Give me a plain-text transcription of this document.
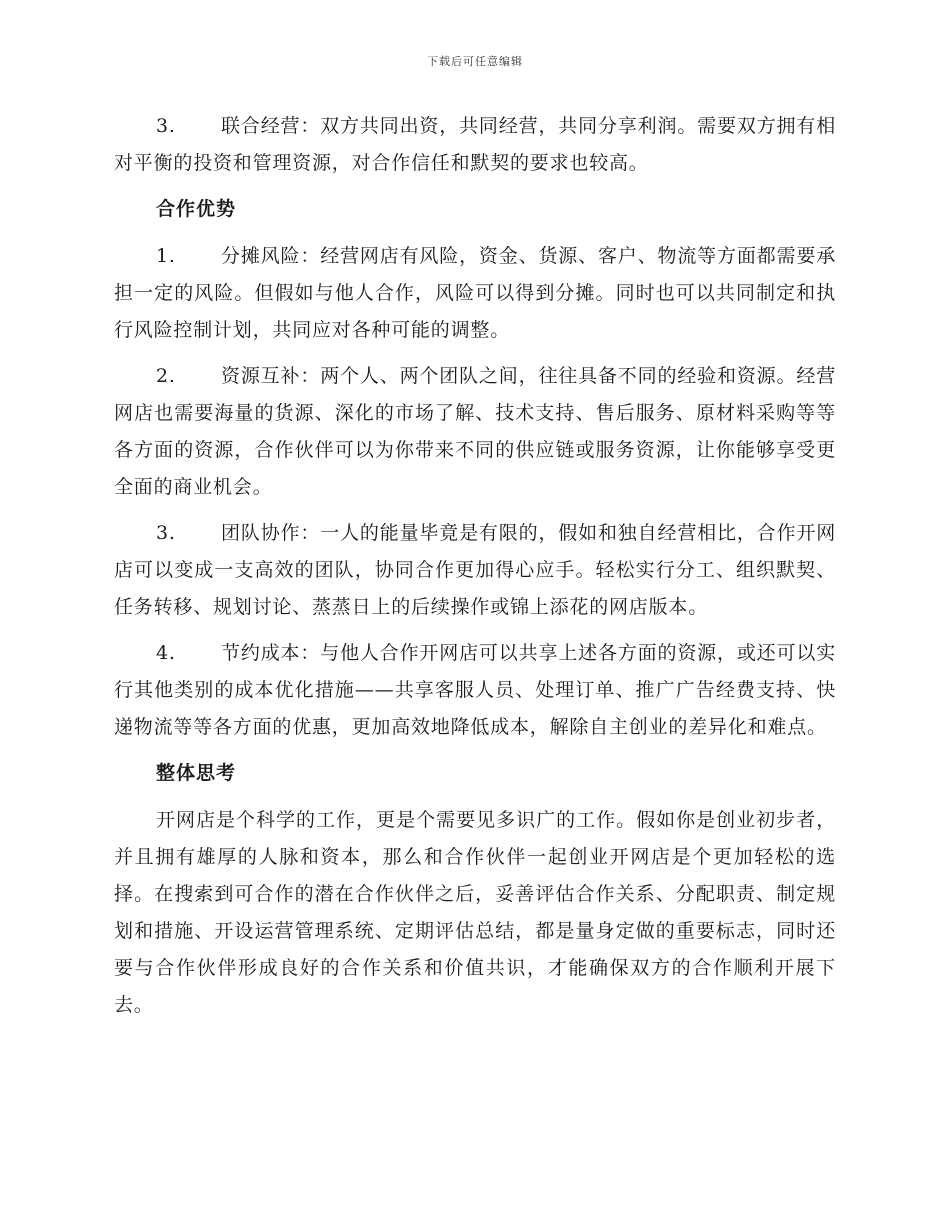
下载后可任意编辑

3. 联合经营：双方共同出资，共同经营，共同分享利润。需要双方拥有相对平衡的投资和管理资源，对合作信任和默契的要求也较高。

合作优势

1. 分摊风险：经营网店有风险，资金、货源、客户、物流等方面都需要承担一定的风险。但假如与他人合作，风险可以得到分摊。同时也可以共同制定和执行风险控制计划，共同应对各种可能的调整。

2. 资源互补：两个人、两个团队之间，往往具备不同的经验和资源。经营网店也需要海量的货源、深化的市场了解、技术支持、售后服务、原材料采购等等各方面的资源，合作伙伴可以为你带来不同的供应链或服务资源，让你能够享受更全面的商业机会。

3. 团队协作：一人的能量毕竟是有限的，假如和独自经营相比，合作开网店可以变成一支高效的团队，协同合作更加得心应手。轻松实行分工、组织默契、任务转移、规划讨论、蒸蒸日上的后续操作或锦上添花的网店版本。

4. 节约成本：与他人合作开网店可以共享上述各方面的资源，或还可以实行其他类别的成本优化措施——共享客服人员、处理订单、推广广告经费支持、快递物流等等各方面的优惠，更加高效地降低成本，解除自主创业的差异化和难点。

整体思考

开网店是个科学的工作，更是个需要见多识广的工作。假如你是创业初步者，并且拥有雄厚的人脉和资本，那么和合作伙伴一起创业开网店是个更加轻松的选择。在搜索到可合作的潜在合作伙伴之后，妥善评估合作关系、分配职责、制定规划和措施、开设运营管理系统、定期评估总结，都是量身定做的重要标志，同时还要与合作伙伴形成良好的合作关系和价值共识，才能确保双方的合作顺利开展下去。
